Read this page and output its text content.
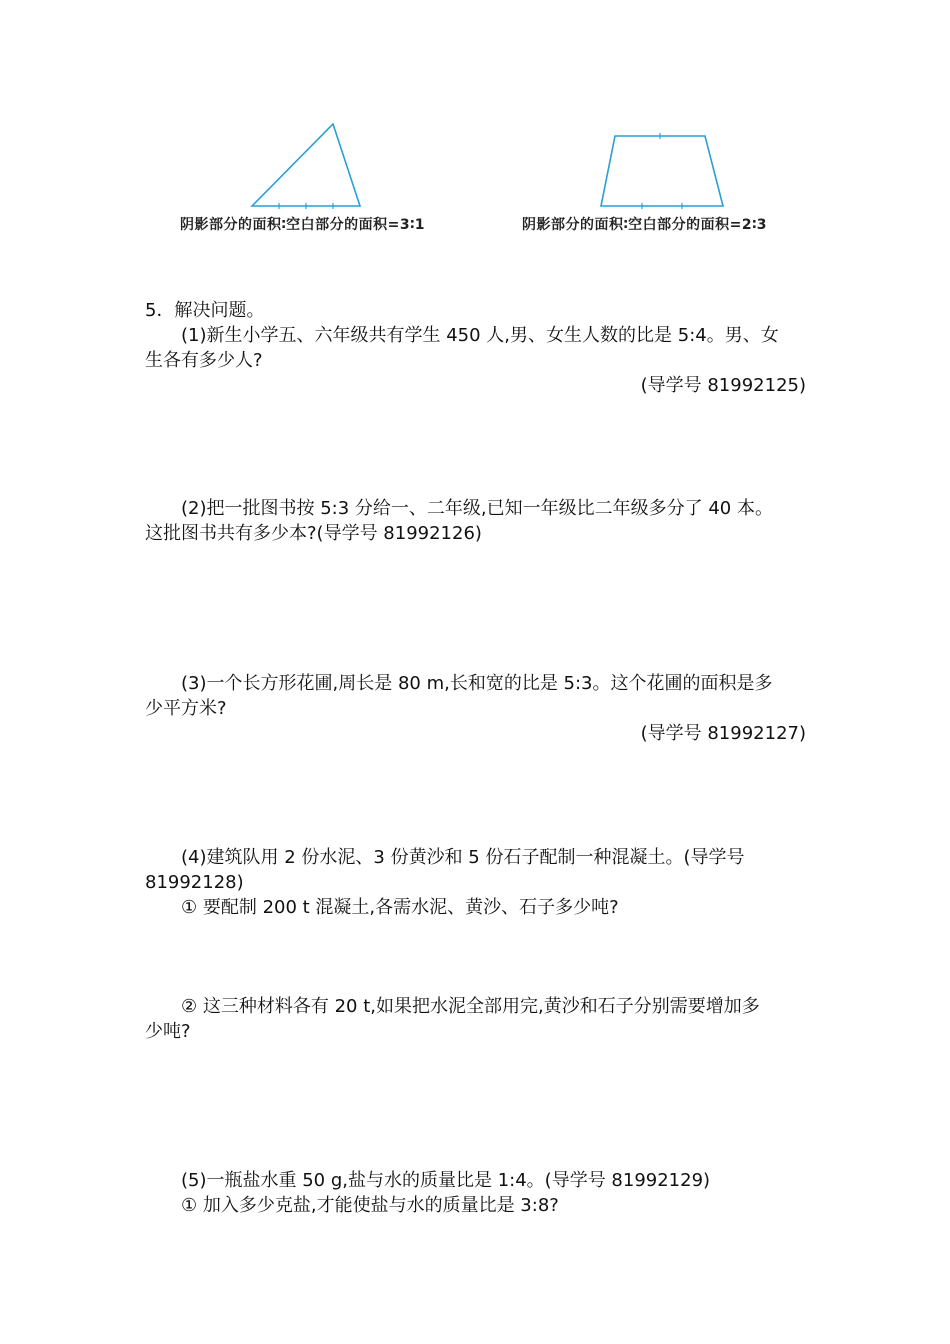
阴影部分的面积∶空白部分的面积=3∶1	阴影部分的面积∶空白部分的面积=2∶3
5．解决问题。
(1)新生小学五、六年级共有学生 450 人,男、女生人数的比是 5:4。男、女
生各有多少人?
(导学号 81992125)
(2)把一批图书按 5:3 分给一、二年级,已知一年级比二年级多分了 40 本。
这批图书共有多少本?(导学号 81992126)
(3)一个长方形花圃,周长是 80 m,长和宽的比是 5:3。这个花圃的面积是多
少平方米?
(导学号 81992127)
(4)建筑队用 2 份水泥、3 份黄沙和 5 份石子配制一种混凝土。(导学号
81992128)
① 要配制 200 t 混凝土,各需水泥、黄沙、石子多少吨?
② 这三种材料各有 20 t,如果把水泥全部用完,黄沙和石子分别需要增加多
少吨?
(5)一瓶盐水重 50 g,盐与水的质量比是 1:4。(导学号 81992129)
① 加入多少克盐,才能使盐与水的质量比是 3:8?
